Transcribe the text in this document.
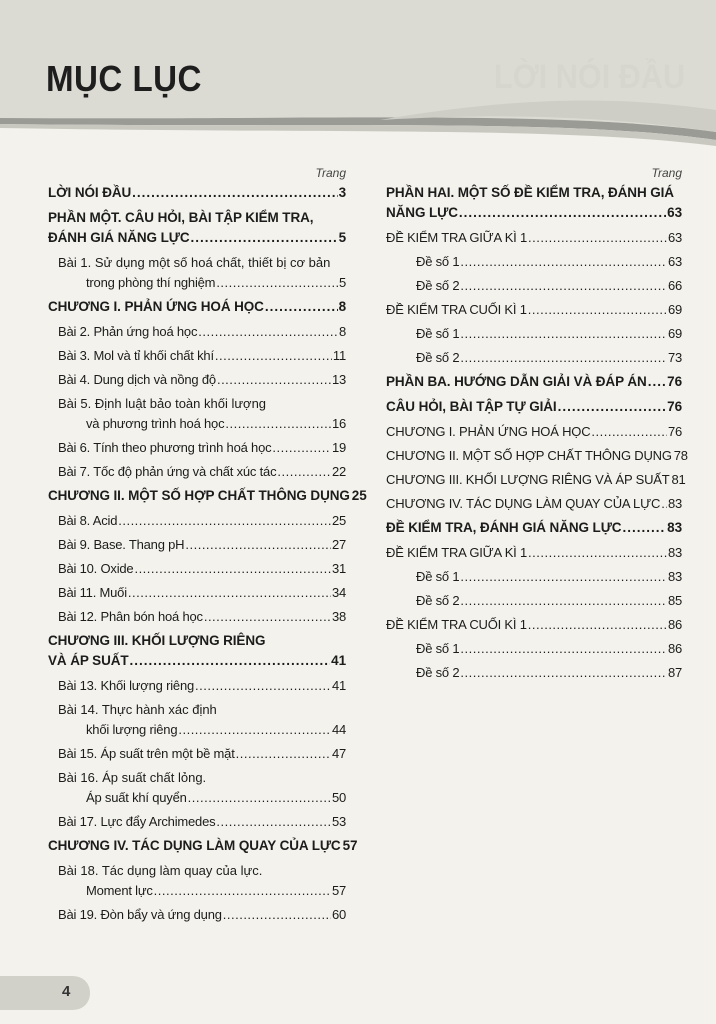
LỜI NÓI ĐẦU
MỤC LỤC
Trang
LỜI NÓI ĐẦU .....	3
PHẦN MỘT. CÂU HỎI, BÀI TẬP KIỂM TRA,
ĐÁNH GIÁ NĂNG LỰC .....	5
Bài 1. Sử dụng một số hoá chất, thiết bị cơ bản
trong phòng thí nghiệm .....	5
CHƯƠNG I. PHẢN ỨNG HOÁ HỌC .....	8
Bài 2. Phản ứng hoá học .....	8
Bài 3. Mol và tỉ khối chất khí .....	11
Bài 4. Dung dịch và nồng độ .....	13
Bài 5. Định luật bảo toàn khối lượng
và phương trình hoá học .....	16
Bài 6. Tính theo phương trình hoá học .....	19
Bài 7. Tốc độ phản ứng và chất xúc tác .....	22
CHƯƠNG II. MỘT SỐ HỢP CHẤT THÔNG DỤNG 25
Bài 8. Acid .....	25
Bài 9. Base. Thang pH .....	27
Bài 10. Oxide .....	31
Bài 11. Muối .....	34
Bài 12. Phân bón hoá học .....	38
CHƯƠNG III. KHỐI LƯỢNG RIÊNG
VÀ ÁP SUẤT .....	41
Bài 13. Khối lượng riêng .....	41
Bài 14. Thực hành xác định
khối lượng riêng .....	44
Bài 15. Áp suất trên một bề mặt .....	47
Bài 16. Áp suất chất lỏng.
Áp suất khí quyển .....	50
Bài 17. Lực đẩy Archimedes .....	53
CHƯƠNG IV. TÁC DỤNG LÀM QUAY CỦA LỰC 57
Bài 18. Tác dụng làm quay của lực.
Moment lực .....	57
Bài 19. Đòn bẩy và ứng dụng .....	60
Trang
PHẦN HAI. MỘT SỐ ĐỀ KIỂM TRA, ĐÁNH GIÁ
NĂNG LỰC .....	63
ĐỀ KIỂM TRA GIỮA KÌ 1 .....	63
Đề số 1 .....	63
Đề số 2 .....	66
ĐỀ KIỂM TRA CUỐI KÌ 1 .....	69
Đề số 1 .....	69
Đề số 2 .....	73
PHẦN BA. HƯỚNG DẪN GIẢI VÀ ĐÁP ÁN ..... 76
CÂU HỎI, BÀI TẬP TỰ GIẢI .....	76
CHƯƠNG I. PHẢN ỨNG HOÁ HỌC .....	76
CHƯƠNG II. MỘT SỐ HỢP CHẤT THÔNG DỤNG 78
CHƯƠNG III. KHỐI LƯỢNG RIÊNG VÀ ÁP SUẤT 81
CHƯƠNG IV. TÁC DỤNG LÀM QUAY CỦA LỰC ..... 83
ĐỀ KIỂM TRA, ĐÁNH GIÁ NĂNG LỰC .....	83
ĐỀ KIỂM TRA GIỮA KÌ 1 .....	83
Đề số 1 .....	83
Đề số 2 .....	85
ĐỀ KIỂM TRA CUỐI KÌ 1 .....	86
Đề số 1 .....	86
Đề số 2 .....	87
4
